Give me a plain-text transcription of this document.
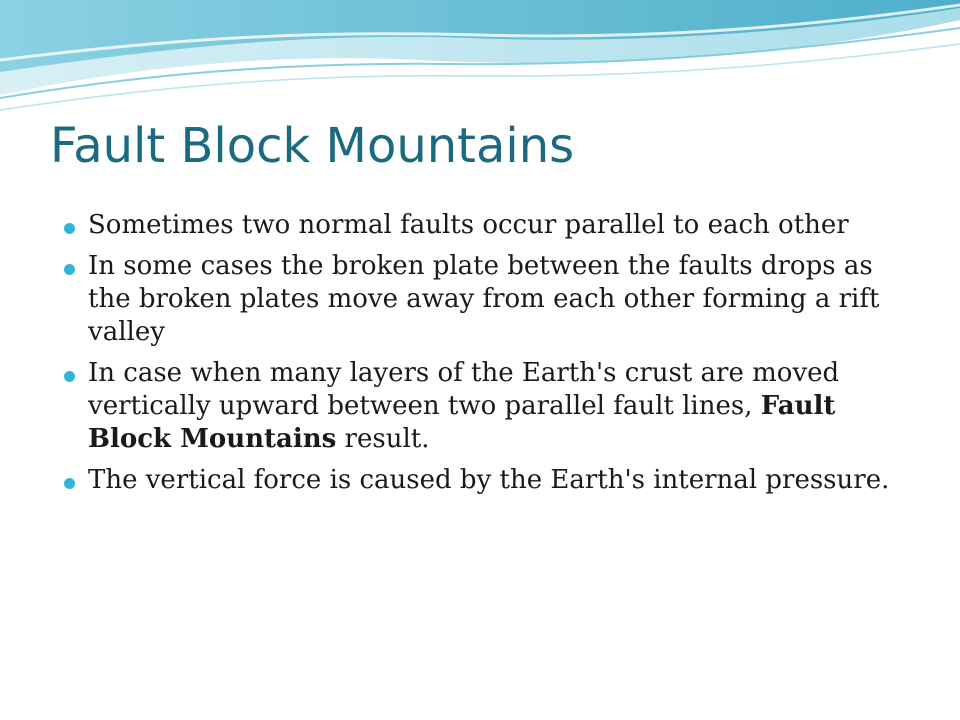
Fault Block Mountains
Sometimes two normal faults occur parallel to each other
In some cases the broken plate between the faults drops as the broken plates move away from each other forming a rift valley
In case when many layers of the Earth's crust are moved vertically upward between two parallel fault lines, Fault Block Mountains result.
The vertical force is caused by the Earth's internal pressure.
